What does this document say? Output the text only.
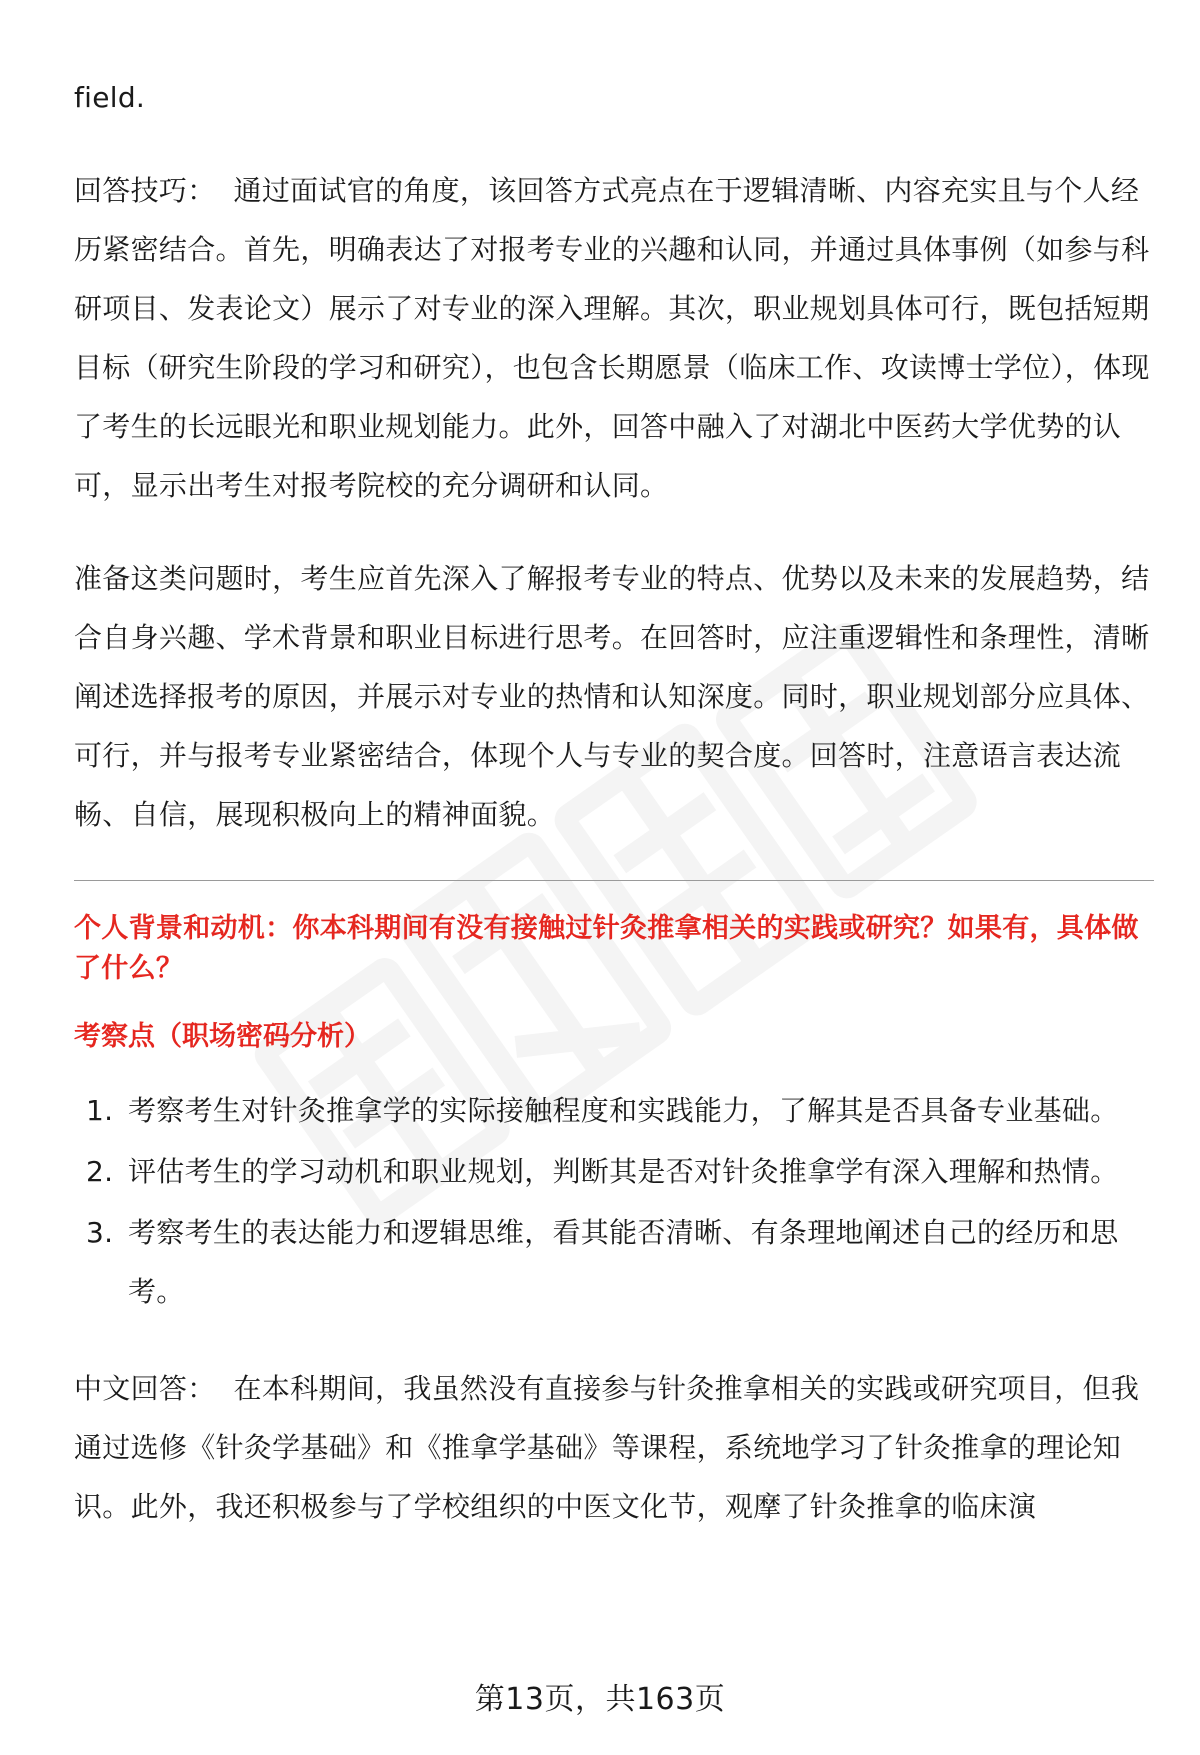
field.

回答技巧： 通过面试官的角度，该回答方式亮点在于逻辑清晰、内容充实且与个人经历紧密结合。首先，明确表达了对报考专业的兴趣和认同，并通过具体事例（如参与科研项目、发表论文）展示了对专业的深入理解。其次，职业规划具体可行，既包括短期目标（研究生阶段的学习和研究），也包含长期愿景（临床工作、攻读博士学位），体现了考生的长远眼光和职业规划能力。此外，回答中融入了对湖北中医药大学优势的认可，显示出考生对报考院校的充分调研和认同。

准备这类问题时，考生应首先深入了解报考专业的特点、优势以及未来的发展趋势，结合自身兴趣、学术背景和职业目标进行思考。在回答时，应注重逻辑性和条理性，清晰阐述选择报考的原因，并展示对专业的热情和认知深度。同时，职业规划部分应具体、可行，并与报考专业紧密结合，体现个人与专业的契合度。回答时，注意语言表达流畅、自信，展现积极向上的精神面貌。

个人背景和动机：你本科期间有没有接触过针灸推拿相关的实践或研究？如果有，具体做了什么？

考察点（职场密码分析）

1. 考察考生对针灸推拿学的实际接触程度和实践能力，了解其是否具备专业基础。
2. 评估考生的学习动机和职业规划，判断其是否对针灸推拿学有深入理解和热情。
3. 考察考生的表达能力和逻辑思维，看其能否清晰、有条理地阐述自己的经历和思考。

中文回答： 在本科期间，我虽然没有直接参与针灸推拿相关的实践或研究项目，但我通过选修《针灸学基础》和《推拿学基础》等课程，系统地学习了针灸推拿的理论知识。此外，我还积极参与了学校组织的中医文化节，观摩了针灸推拿的临床演

第13页，共163页
